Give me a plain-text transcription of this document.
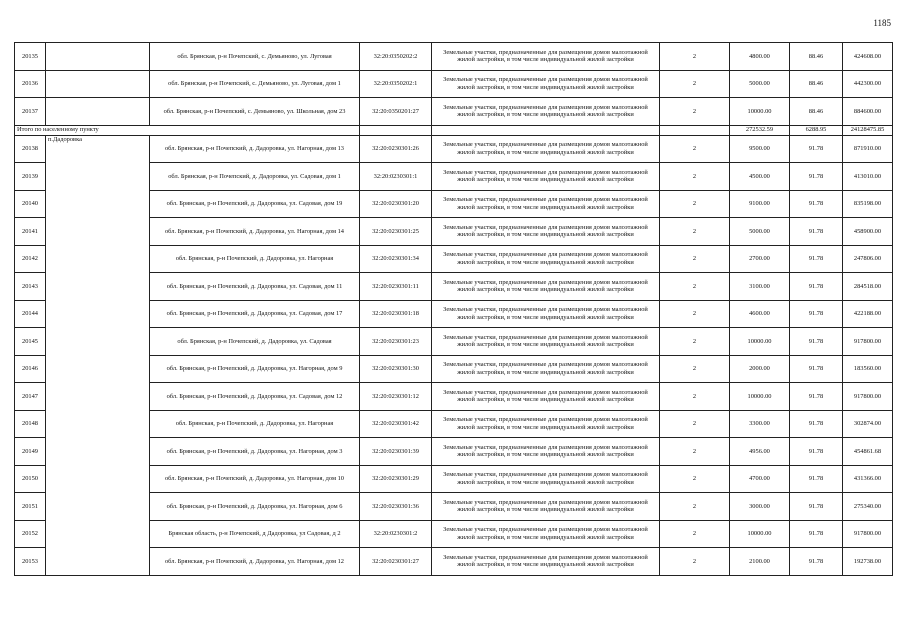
1185
20135		обл. Брянская, р-н Почепский, с. Демьяново, ул. Луговая	32:20:0350202:2	Земельные участки, предназначенные для размещения домов малоэтажной жилой застройки, в том числе индивидуальной жилой застройки	2	4800.00	88.46	424608.00
20136		обл. Брянская, р-н Почепский, с. Демьяново, ул. Луговая, дом 1	32:20:0350202:1	Земельные участки, предназначенные для размещения домов малоэтажной жилой застройки, в том числе индивидуальной жилой застройки	2	5000.00	88.46	442300.00
20137		обл. Брянская, р-н Почепский, с. Демьяново, ул. Школьная, дом 23	32:20:0350201:27	Земельные участки, предназначенные для размещения домов малоэтажной жилой застройки, в том числе индивидуальной жилой застройки	2	10000.00	88.46	884600.00
Итого по населенному пункту						272532.59	6288.95	24128475.85
20138	п.Дадоровка	обл. Брянская, р-н Почепский, д. Дадоровка, ул. Нагорная, дом 13	32:20:0230301:26	Земельные участки, предназначенные для размещения домов малоэтажной жилой застройки, в том числе индивидуальной жилой застройки	2	9500.00	91.78	871910.00
20139		обл. Брянская, р-н Почепский, д. Дадоровка, ул. Садовая, дом 1	32:20:0230301:1	Земельные участки, предназначенные для размещения домов малоэтажной жилой застройки, в том числе индивидуальной жилой застройки	2	4500.00	91.78	413010.00
20140		обл. Брянская, р-н Почепский, д. Дадоровка, ул. Садовая, дом 19	32:20:0230301:20	Земельные участки, предназначенные для размещения домов малоэтажной жилой застройки, в том числе индивидуальной жилой застройки	2	9100.00	91.78	835198.00
20141		обл. Брянская, р-н Почепский, д. Дадоровка, ул. Нагорная, дом 14	32:20:0230301:25	Земельные участки, предназначенные для размещения домов малоэтажной жилой застройки, в том числе индивидуальной жилой застройки	2	5000.00	91.78	458900.00
20142		обл. Брянская, р-н Почепский, д. Дадоровка, ул. Нагорная	32:20:0230301:34	Земельные участки, предназначенные для размещения домов малоэтажной жилой застройки, в том числе индивидуальной жилой застройки	2	2700.00	91.78	247806.00
20143		обл. Брянская, р-н Почепский, д. Дадоровка, ул. Садовая, дом 11	32:20:0230301:11	Земельные участки, предназначенные для размещения домов малоэтажной жилой застройки, в том числе индивидуальной жилой застройки	2	3100.00	91.78	284518.00
20144		обл. Брянская, р-н Почепский, д. Дадоровка, ул. Садовая, дом 17	32:20:0230301:18	Земельные участки, предназначенные для размещения домов малоэтажной жилой застройки, в том числе индивидуальной жилой застройки	2	4600.00	91.78	422188.00
20145		обл. Брянская, р-н Почепский, д. Дадоровка, ул. Садовая	32:20:0230301:23	Земельные участки, предназначенные для размещения домов малоэтажной жилой застройки, в том числе индивидуальной жилой застройки	2	10000.00	91.78	917800.00
20146		обл. Брянская, р-н Почепский, д. Дадоровка, ул. Нагорная, дом 9	32:20:0230301:30	Земельные участки, предназначенные для размещения домов малоэтажной жилой застройки, в том числе индивидуальной жилой застройки	2	2000.00	91.78	183560.00
20147		обл. Брянская, р-н Почепский, д. Дадоровка, ул. Садовая, дом 12	32:20:0230301:12	Земельные участки, предназначенные для размещения домов малоэтажной жилой застройки, в том числе индивидуальной жилой застройки	2	10000.00	91.78	917800.00
20148		обл. Брянская, р-н Почепский, д. Дадоровка, ул. Нагорная	32:20:0230301:42	Земельные участки, предназначенные для размещения домов малоэтажной жилой застройки, в том числе индивидуальной жилой застройки	2	3300.00	91.78	302874.00
20149		обл. Брянская, р-н Почепский, д. Дадоровка, ул. Нагорная, дом 3	32:20:0230301:39	Земельные участки, предназначенные для размещения домов малоэтажной жилой застройки, в том числе индивидуальной жилой застройки	2	4956.00	91.78	454861.68
20150		обл. Брянская, р-н Почепский, д. Дадоровка, ул. Нагорная, дом 10	32:20:0230301:29	Земельные участки, предназначенные для размещения домов малоэтажной жилой застройки, в том числе индивидуальной жилой застройки	2	4700.00	91.78	431366.00
20151		обл. Брянская, р-н Почепский, д. Дадоровка, ул. Нагорная, дом 6	32:20:0230301:36	Земельные участки, предназначенные для размещения домов малоэтажной жилой застройки, в том числе индивидуальной жилой застройки	2	3000.00	91.78	275340.00
20152		Брянская область, р-н Почепский, д Дадоровка, ул Садовая, д 2	32:20:0230301:2	Земельные участки, предназначенные для размещения домов малоэтажной жилой застройки, в том числе индивидуальной жилой застройки	2	10000.00	91.78	917800.00
20153		обл. Брянская, р-н Почепский, д. Дадоровка, ул. Нагорная, дом 12	32:20:0230301:27	Земельные участки, предназначенные для размещения домов малоэтажной жилой застройки, в том числе индивидуальной жилой застройки	2	2100.00	91.78	192738.00
